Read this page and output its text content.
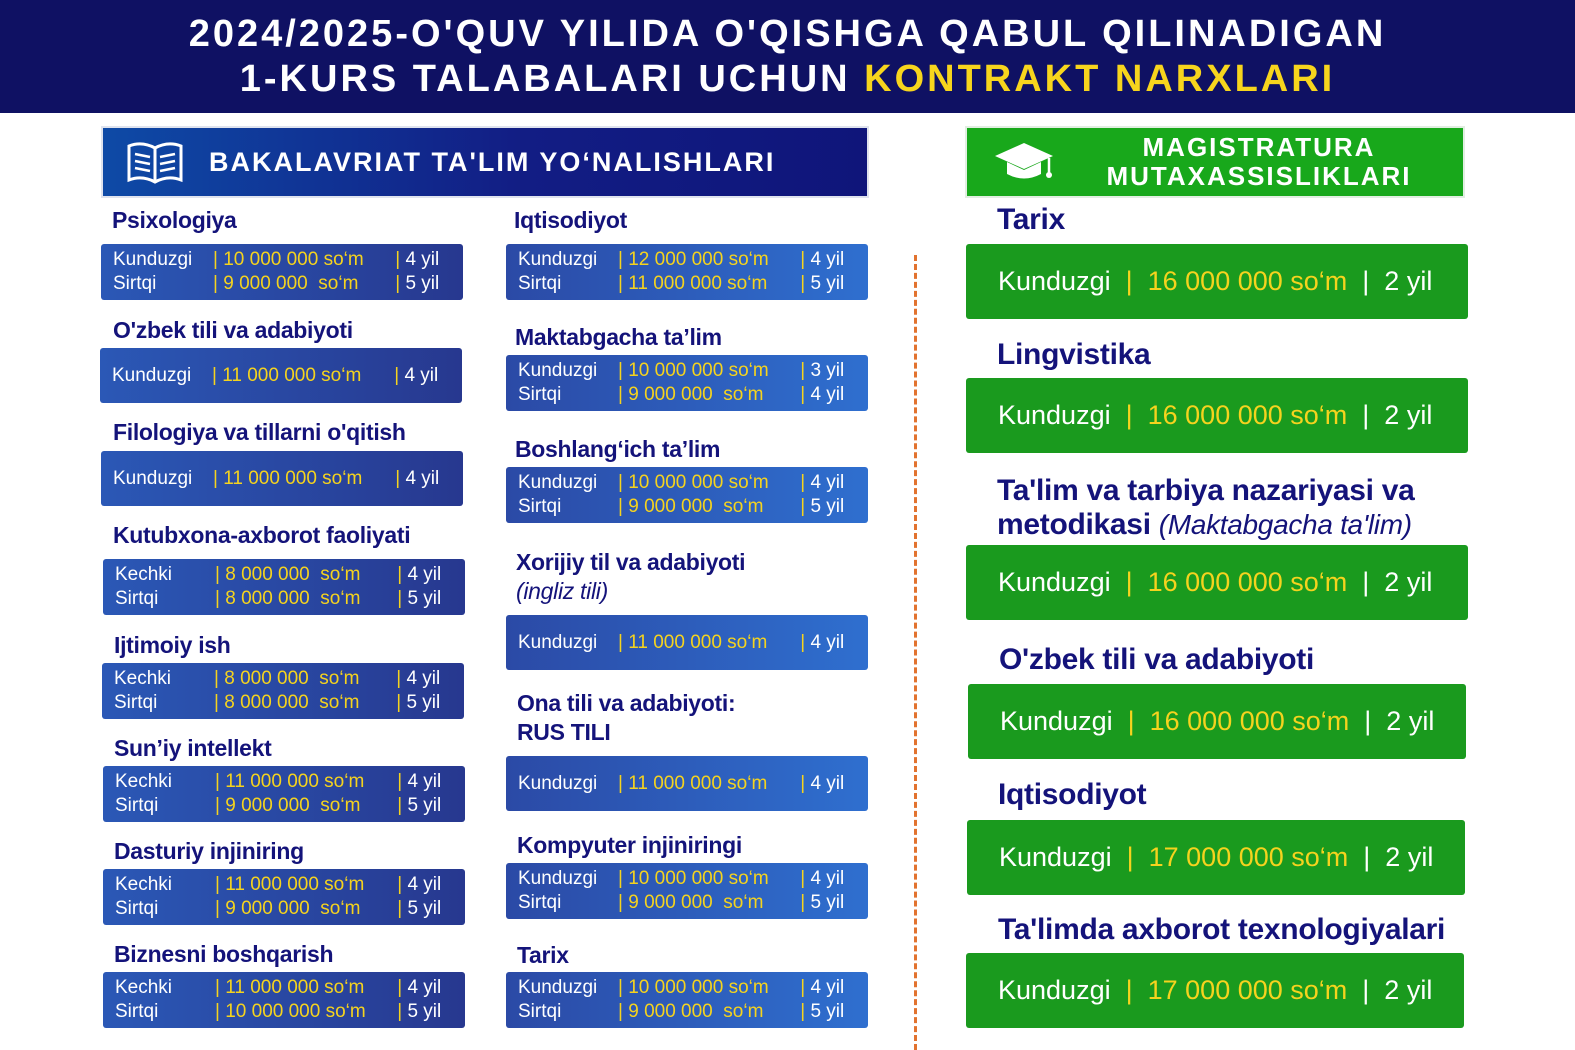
2024/2025-O'QUV YILIDA O'QISHGA QABUL QILINADIGAN
1-KURS TALABALARI UCHUN KONTRAKT NARXLARI
BAKALAVRIAT TA'LIM YO‘NALISHLARI	MAGISTRATURA
MUTAXASSISLIKLARI
Psixologiya
Kunduzgi	| 10 000 000 so‘m	| 4 yil
Sirtqi	| 9 000 000  so‘m	| 5 yil
O'zbek tili va adabiyoti
Kunduzgi	| 11 000 000 so‘m	| 4 yil
Filologiya va tillarni o'qitish
Kunduzgi	| 11 000 000 so‘m	| 4 yil
Kutubxona-axborot faoliyati
Kechki	| 8 000 000  so‘m	| 4 yil
Sirtqi	| 8 000 000  so‘m	| 5 yil
Ijtimoiy ish
Kechki	| 8 000 000  so‘m	| 4 yil
Sirtqi	| 8 000 000  so‘m	| 5 yil
Sun’iy intellekt
Kechki	| 11 000 000 so‘m	| 4 yil
Sirtqi	| 9 000 000  so‘m	| 5 yil
Dasturiy injiniring
Kechki	| 11 000 000 so‘m	| 4 yil
Sirtqi	| 9 000 000  so‘m	| 5 yil
Biznesni boshqarish
Kechki	| 11 000 000 so‘m	| 4 yil
Sirtqi	| 10 000 000 so‘m	| 5 yil
Iqtisodiyot
Kunduzgi	| 12 000 000 so‘m	| 4 yil
Sirtqi	| 11 000 000 so‘m	| 5 yil
Maktabgacha ta’lim
Kunduzgi	| 10 000 000 so‘m	| 3 yil
Sirtqi	| 9 000 000  so‘m	| 4 yil
Boshlang‘ich ta’lim
Kunduzgi	| 10 000 000 so‘m	| 4 yil
Sirtqi	| 9 000 000  so‘m	| 5 yil
Xorijiy til va adabiyoti
(ingliz tili)
Kunduzgi	| 11 000 000 so‘m	| 4 yil
Ona tili va adabiyoti:
RUS TILI
Kunduzgi	| 11 000 000 so‘m	| 4 yil
Kompyuter injiniringi
Kunduzgi	| 10 000 000 so‘m	| 4 yil
Sirtqi	| 9 000 000  so‘m	| 5 yil
Tarix
Kunduzgi	| 10 000 000 so‘m	| 4 yil
Sirtqi	| 9 000 000  so‘m	| 5 yil
Tarix
Kunduzgi | 16 000 000 so‘m | 2 yil
Lingvistika
Kunduzgi | 16 000 000 so‘m | 2 yil
Ta'lim va tarbiya nazariyasi va
metodikasi (Maktabgacha ta'lim)
Kunduzgi | 16 000 000 so‘m | 2 yil
O'zbek tili va adabiyoti
Kunduzgi | 16 000 000 so‘m | 2 yil
Iqtisodiyot
Kunduzgi | 17 000 000 so‘m | 2 yil
Ta'limda axborot texnologiyalari
Kunduzgi | 17 000 000 so‘m | 2 yil
